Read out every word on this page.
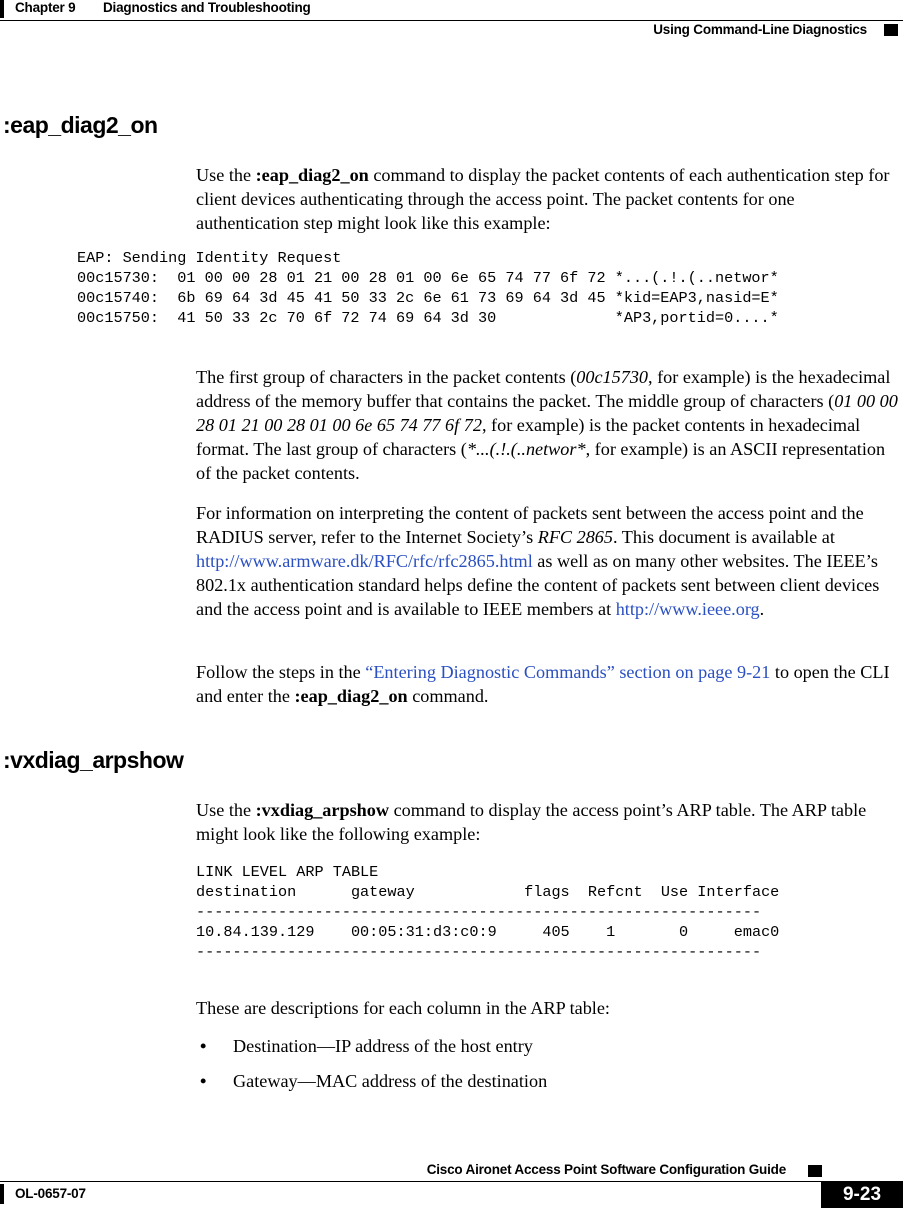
Chapter 9 Diagnostics and Troubleshooting
Using Command-Line Diagnostics
:eap_diag2_on

Use the :eap_diag2_on command to display the packet contents of each authentication step for client devices authenticating through the access point. The packet contents for one authentication step might look like this example:

EAP: Sending Identity Request
00c15730:  01 00 00 28 01 21 00 28 01 00 6e 65 74 77 6f 72 *...(.!.(..networ*
00c15740:  6b 69 64 3d 45 41 50 33 2c 6e 61 73 69 64 3d 45 *kid=EAP3,nasid=E*
00c15750:  41 50 33 2c 70 6f 72 74 69 64 3d 30             *AP3,portid=0....*

The first group of characters in the packet contents (00c15730, for example) is the hexadecimal address of the memory buffer that contains the packet. The middle group of characters (01 00 00 28 01 21 00 28 01 00 6e 65 74 77 6f 72, for example) is the packet contents in hexadecimal format. The last group of characters (*...(.!.(..networ*, for example) is an ASCII representation of the packet contents.

For information on interpreting the content of packets sent between the access point and the RADIUS server, refer to the Internet Society’s RFC 2865. This document is available at http://www.armware.dk/RFC/rfc/rfc2865.html as well as on many other websites. The IEEE’s 802.1x authentication standard helps define the content of packets sent between client devices and the access point and is available to IEEE members at http://www.ieee.org.

Follow the steps in the “Entering Diagnostic Commands” section on page 9-21 to open the CLI and enter the :eap_diag2_on command.

:vxdiag_arpshow

Use the :vxdiag_arpshow command to display the access point’s ARP table. The ARP table might look like the following example:

LINK LEVEL ARP TABLE
destination      gateway            flags  Refcnt  Use Interface
--------------------------------------------------------------
10.84.139.129    00:05:31:d3:c0:9     405    1       0     emac0
--------------------------------------------------------------

These are descriptions for each column in the ARP table:

• Destination—IP address of the host entry
• Gateway—MAC address of the destination
Cisco Aironet Access Point Software Configuration Guide
OL-0657-07	9-23
